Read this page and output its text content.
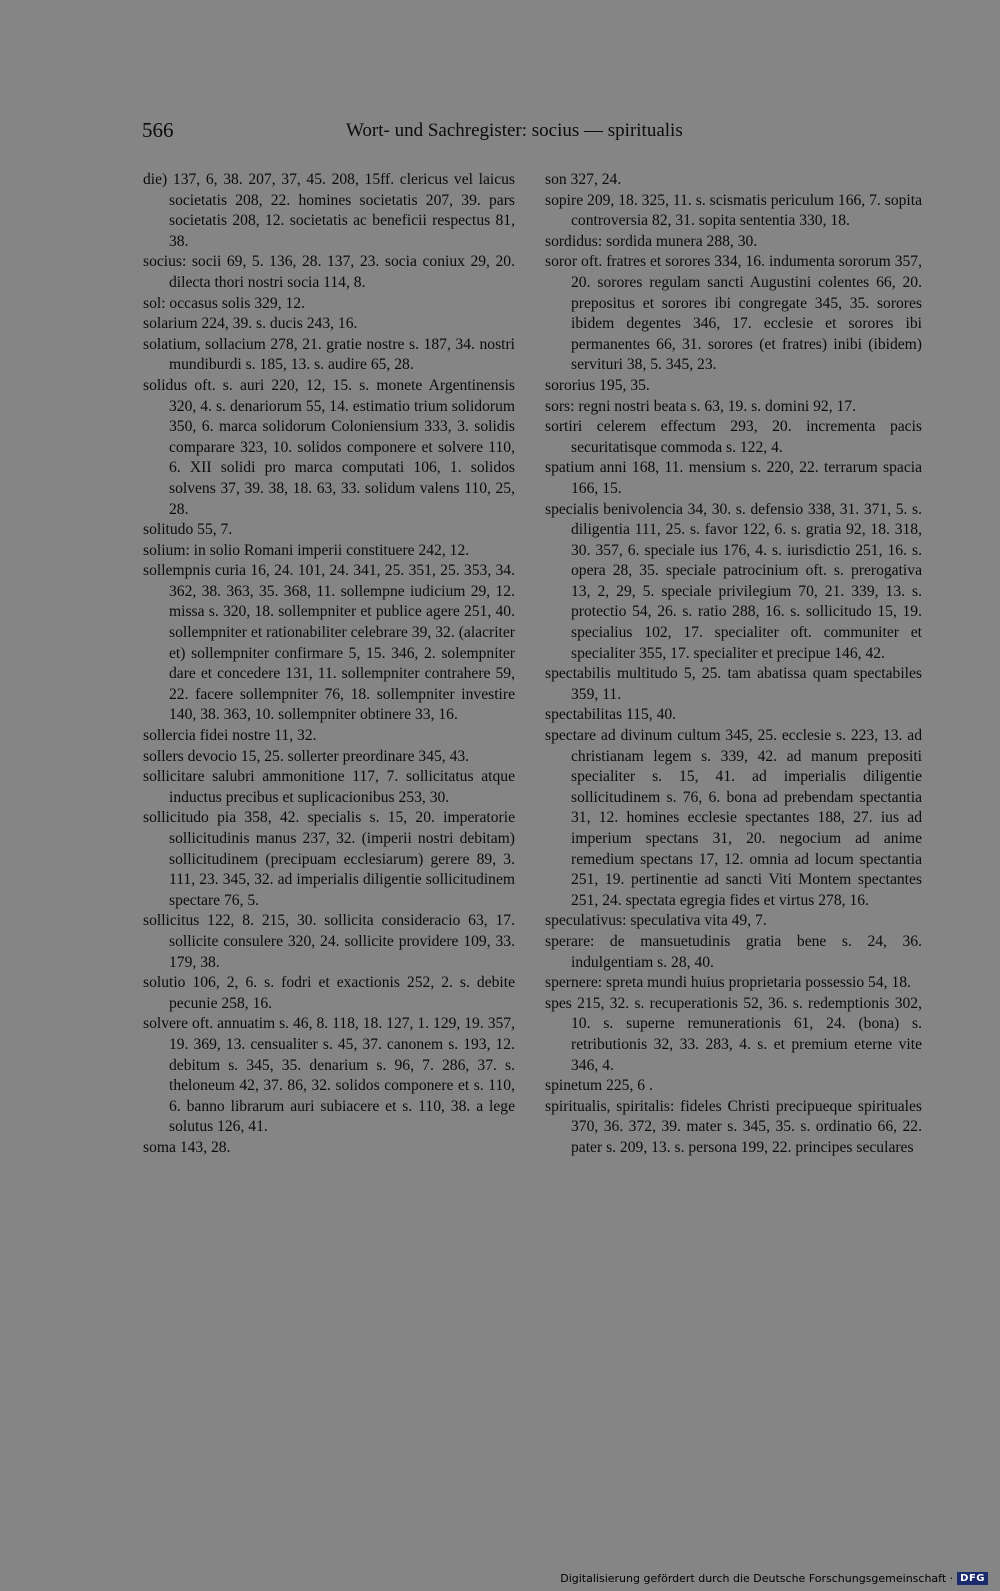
566	Wort- und Sachregister: socius — spiritualis

die) 137, 6, 38. 207, 37, 45. 208, 15ff. clericus vel laicus societatis 208, 22. homines societatis 207, 39. pars societatis 208, 12. societatis ac beneficii respectus 81, 38.

socius: socii 69, 5. 136, 28. 137, 23. socia coniux 29, 20. dilecta thori nostri socia 114, 8.

sol: occasus solis 329, 12.

solarium 224, 39. s. ducis 243, 16.

solatium, sollacium 278, 21. gratie nostre s. 187, 34. nostri mundiburdi s. 185, 13. s. audire 65, 28.

solidus oft. s. auri 220, 12, 15. s. monete Argentinensis 320, 4. s. denariorum 55, 14. estimatio trium solidorum 350, 6. marca solidorum Coloniensium 333, 3. solidis comparare 323, 10. solidos componere et solvere 110, 6. XII solidi pro marca computati 106, 1. solidos solvens 37, 39. 38, 18. 63, 33. solidum valens 110, 25, 28.

solitudo 55, 7.

solium: in solio Romani imperii constituere 242, 12.

sollempnis curia 16, 24. 101, 24. 341, 25. 351, 25. 353, 34. 362, 38. 363, 35. 368, 11. sollempne iudicium 29, 12. missa s. 320, 18. sollempniter et publice agere 251, 40. sollempniter et rationabiliter celebrare 39, 32. (alacriter et) sollempniter confirmare 5, 15. 346, 2. solempniter dare et concedere 131, 11. sollempniter contrahere 59, 22. facere sollempniter 76, 18. sollempniter investire 140, 38. 363, 10. sollempniter obtinere 33, 16.

sollercia fidei nostre 11, 32.

sollers devocio 15, 25. sollerter preordinare 345, 43.

sollicitare salubri ammonitione 117, 7. sollicitatus atque inductus precibus et suplicacionibus 253, 30.

sollicitudo pia 358, 42. specialis s. 15, 20. imperatorie sollicitudinis manus 237, 32. (imperii nostri debitam) sollicitudinem (precipuam ecclesiarum) gerere 89, 3. 111, 23. 345, 32. ad imperialis diligentie sollicitudinem spectare 76, 5.

sollicitus 122, 8. 215, 30. sollicita consideracio 63, 17. sollicite consulere 320, 24. sollicite providere 109, 33. 179, 38.

solutio 106, 2, 6. s. fodri et exactionis 252, 2. s. debite pecunie 258, 16.

solvere oft. annuatim s. 46, 8. 118, 18. 127, 1. 129, 19. 357, 19. 369, 13. censualiter s. 45, 37. canonem s. 193, 12. debitum s. 345, 35. denarium s. 96, 7. 286, 37. s. theloneum 42, 37. 86, 32. solidos componere et s. 110, 6. banno librarum auri subiacere et s. 110, 38. a lege solutus 126, 41.

soma 143, 28.

son 327, 24.

sopire 209, 18. 325, 11. s. scismatis periculum 166, 7. sopita controversia 82, 31. sopita sententia 330, 18.

sordidus: sordida munera 288, 30.

soror oft. fratres et sorores 334, 16. indumenta sororum 357, 20. sorores regulam sancti Augustini colentes 66, 20. prepositus et sorores ibi congregate 345, 35. sorores ibidem degentes 346, 17. ecclesie et sorores ibi permanentes 66, 31. sorores (et fratres) inibi (ibidem) servituri 38, 5. 345, 23.

sororius 195, 35.

sors: regni nostri beata s. 63, 19. s. domini 92, 17.

sortiri celerem effectum 293, 20. incrementa pacis securitatisque commoda s. 122, 4.

spatium anni 168, 11. mensium s. 220, 22. terrarum spacia 166, 15.

specialis benivolencia 34, 30. s. defensio 338, 31. 371, 5. s. diligentia 111, 25. s. favor 122, 6. s. gratia 92, 18. 318, 30. 357, 6. speciale ius 176, 4. s. iurisdictio 251, 16. s. opera 28, 35. speciale patrocinium oft. s. prerogativa 13, 2, 29, 5. speciale privilegium 70, 21. 339, 13. s. protectio 54, 26. s. ratio 288, 16. s. sollicitudo 15, 19. specialius 102, 17. specialiter oft. communiter et specialiter 355, 17. specialiter et precipue 146, 42.

spectabilis multitudo 5, 25. tam abatissa quam spectabiles 359, 11.

spectabilitas 115, 40.

spectare ad divinum cultum 345, 25. ecclesie s. 223, 13. ad christianam legem s. 339, 42. ad manum prepositi specialiter s. 15, 41. ad imperialis diligentie sollicitudinem s. 76, 6. bona ad prebendam spectantia 31, 12. homines ecclesie spectantes 188, 27. ius ad imperium spectans 31, 20. negocium ad anime remedium spectans 17, 12. omnia ad locum spectantia 251, 19. pertinentie ad sancti Viti Montem spectantes 251, 24. spectata egregia fides et virtus 278, 16.

speculativus: speculativa vita 49, 7.

sperare: de mansuetudinis gratia bene s. 24, 36. indulgentiam s. 28, 40.

spernere: spreta mundi huius proprietaria possessio 54, 18.

spes 215, 32. s. recuperationis 52, 36. s. redemptionis 302, 10. s. superne remunerationis 61, 24. (bona) s. retributionis 32, 33. 283, 4. s. et premium eterne vite 346, 4.

spinetum 225, 6 .

spiritualis, spiritalis: fideles Christi precipueque spirituales 370, 36. 372, 39. mater s. 345, 35. s. ordinatio 66, 22. pater s. 209, 13. s. persona 199, 22. principes seculares

Digitalisierung gefördert durch die Deutsche Forschungsgemeinschaft · DFG
